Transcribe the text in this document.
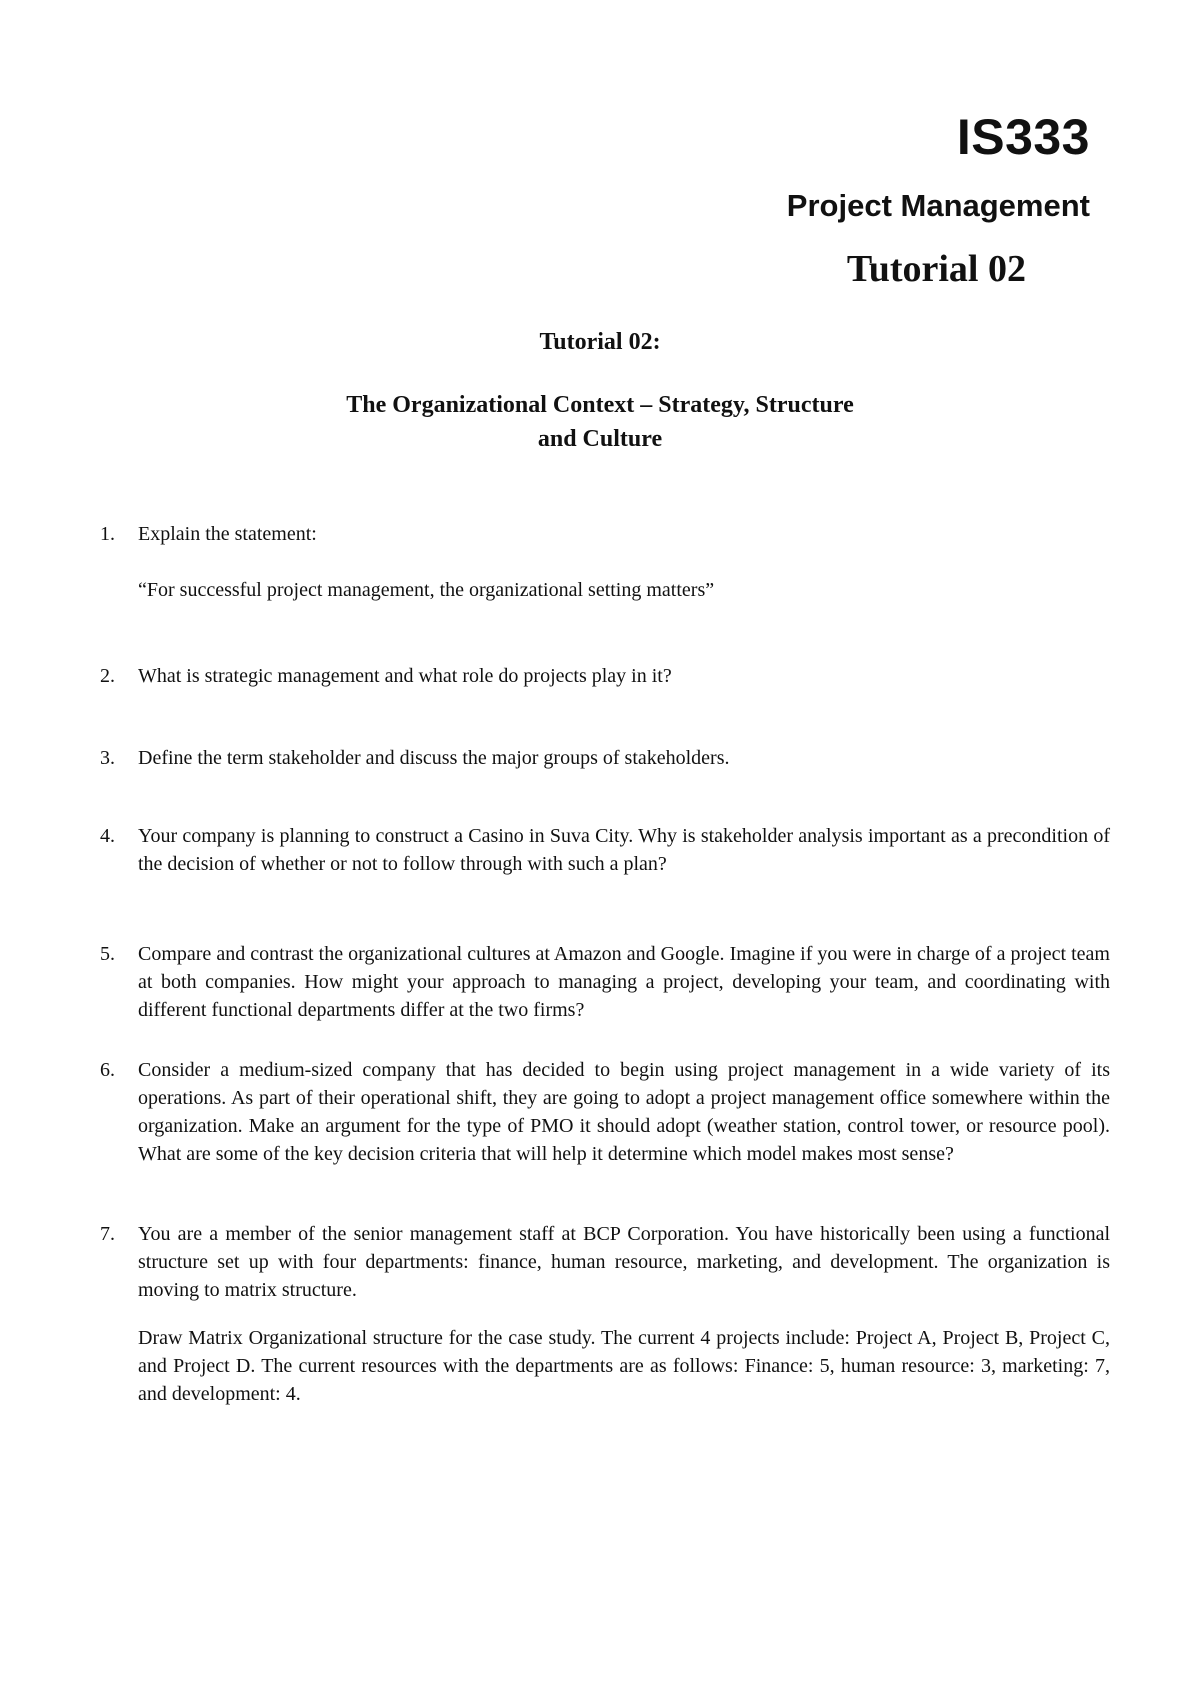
IS333
Project Management
Tutorial 02
Tutorial 02:
The Organizational Context – Strategy, Structure
and Culture
1.	Explain the statement:

“For successful project management, the organizational setting matters”

2.	What is strategic management and what role do projects play in it?

3.	Define the term stakeholder and discuss the major groups of stakeholders.

4.	Your company is planning to construct a Casino in Suva City. Why is stakeholder analysis important as a precondition of the decision of whether or not to follow through with such a plan?

5.	Compare and contrast the organizational cultures at Amazon and Google. Imagine if you were in charge of a project team at both companies. How might your approach to managing a project, developing your team, and coordinating with different functional departments differ at the two firms?

6.	Consider a medium-sized company that has decided to begin using project management in a wide variety of its operations. As part of their operational shift, they are going to adopt a project management office somewhere within the organization. Make an argument for the type of PMO it should adopt (weather station, control tower, or resource pool). What are some of the key decision criteria that will help it determine which model makes most sense?

7.	You are a member of the senior management staff at BCP Corporation. You have historically been using a functional structure set up with four departments: finance, human resource, marketing, and development. The organization is moving to matrix structure.

Draw Matrix Organizational structure for the case study. The current 4 projects include: Project A, Project B, Project C, and Project D. The current resources with the departments are as follows: Finance: 5, human resource: 3, marketing: 7, and development: 4.
